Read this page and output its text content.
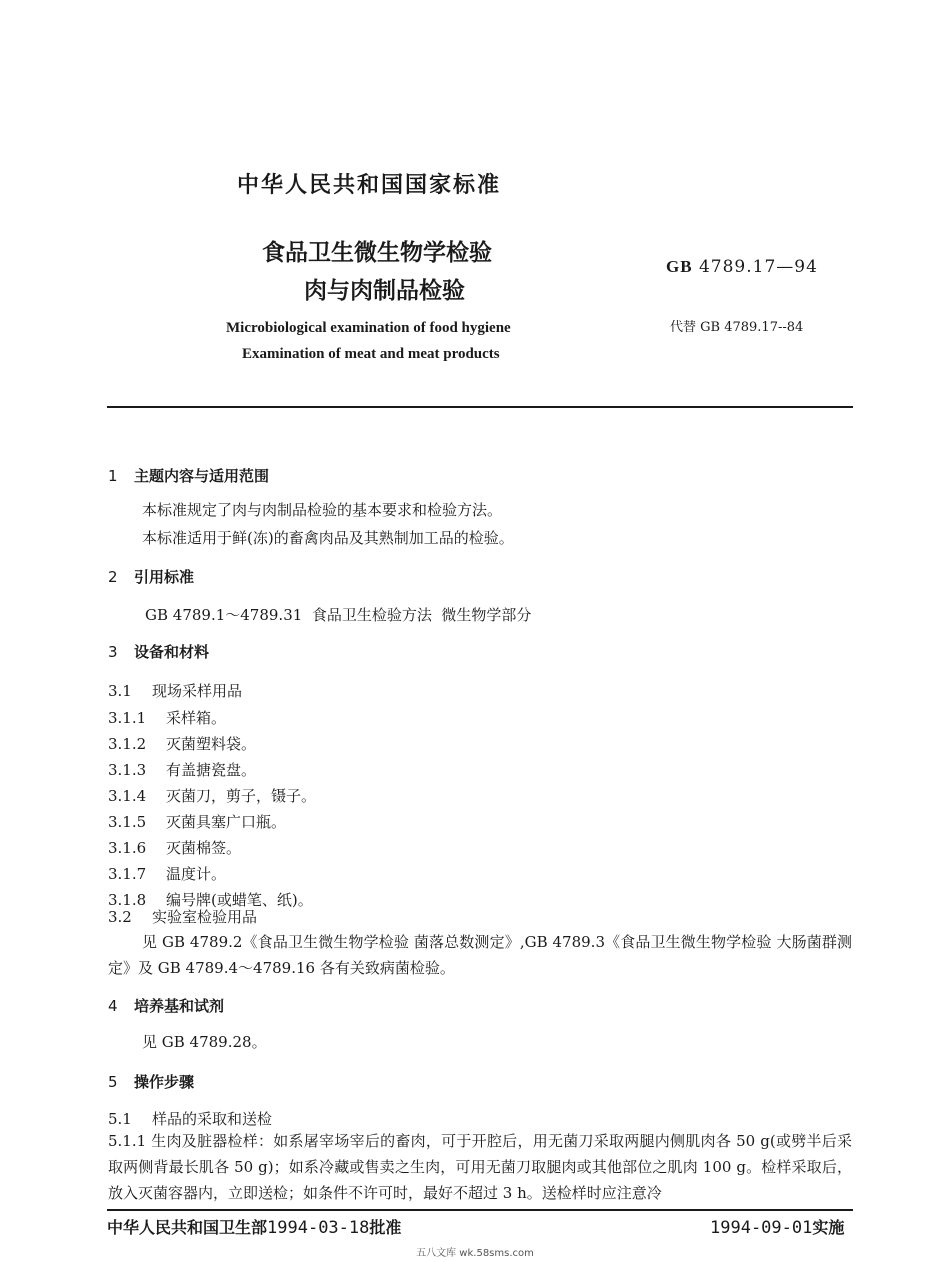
中华人民共和国国家标准
食品卫生微生物学检验
肉与肉制品检验
GB 4789.17—94
代替 GB 4789.17--84
Microbiological examination of food hygiene
Examination of meat and meat products
1 主题内容与适用范围
本标准规定了肉与肉制品检验的基本要求和检验方法。
本标准适用于鲜(冻)的畜禽肉品及其熟制加工品的检验。
2 引用标准
GB 4789.1～4789.31  食品卫生检验方法  微生物学部分
3 设备和材料
3.1 现场采样用品
3.1.1 采样箱。
3.1.2 灭菌塑料袋。
3.1.3 有盖搪瓷盘。
3.1.4 灭菌刀，剪子，镊子。
3.1.5 灭菌具塞广口瓶。
3.1.6 灭菌棉签。
3.1.7 温度计。
3.1.8 编号牌(或蜡笔、纸)。
3.2 实验室检验用品
见 GB 4789.2《食品卫生微生物学检验 菌落总数测定》,GB 4789.3《食品卫生微生物学检验 大肠菌群测定》及 GB 4789.4～4789.16 各有关致病菌检验。
4 培养基和试剂
见 GB 4789.28。
5 操作步骤
5.1 样品的采取和送检
5.1.1 生肉及脏器检样：如系屠宰场宰后的畜肉，可于开腔后，用无菌刀采取两腿内侧肌肉各 50 g(或劈半后采取两侧背最长肌各 50 g)；如系冷藏或售卖之生肉，可用无菌刀取腿肉或其他部位之肌肉 100 g。检样采取后，放入灭菌容器内，立即送检；如条件不许可时，最好不超过 3 h。送检样时应注意冷
中华人民共和国卫生部1994-03-18批准	1994-09-01实施
五八文库 wk.58sms.com
